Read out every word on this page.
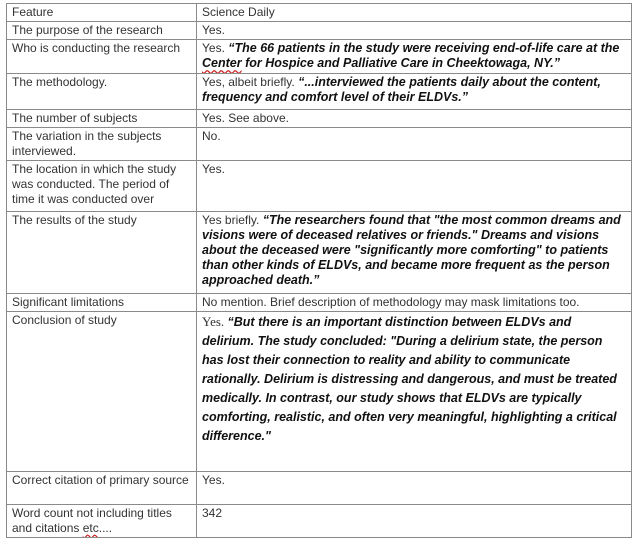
Feature	Science Daily
The purpose of the research	Yes.
Who is conducting the research	Yes. “The 66 patients in the study were receiving end-of-life care at the Center for Hospice and Palliative Care in Cheektowaga, NY.”
The methodology.	Yes, albeit briefly. “...interviewed the patients daily about the content, frequency and comfort level of their ELDVs.”
The number of subjects	Yes. See above.
The variation in the subjects interviewed.	No.
The location in which the study was conducted. The period of time it was conducted over	Yes.
The results of the study	Yes briefly. “The researchers found that "the most common dreams and visions were of deceased relatives or friends." Dreams and visions about the deceased were "significantly more comforting" to patients than other kinds of ELDVs, and became more frequent as the person approached death.”
Significant limitations	No mention. Brief description of methodology may mask limitations too.
Conclusion of study	Yes. “But there is an important distinction between ELDVs and delirium. The study concluded: "During a delirium state, the person has lost their connection to reality and ability to communicate rationally. Delirium is distressing and dangerous, and must be treated medically. In contrast, our study shows that ELDVs are typically comforting, realistic, and often very meaningful, highlighting a critical difference."
Correct citation of primary source	Yes.
Word count not including titles and citations etc....	342
